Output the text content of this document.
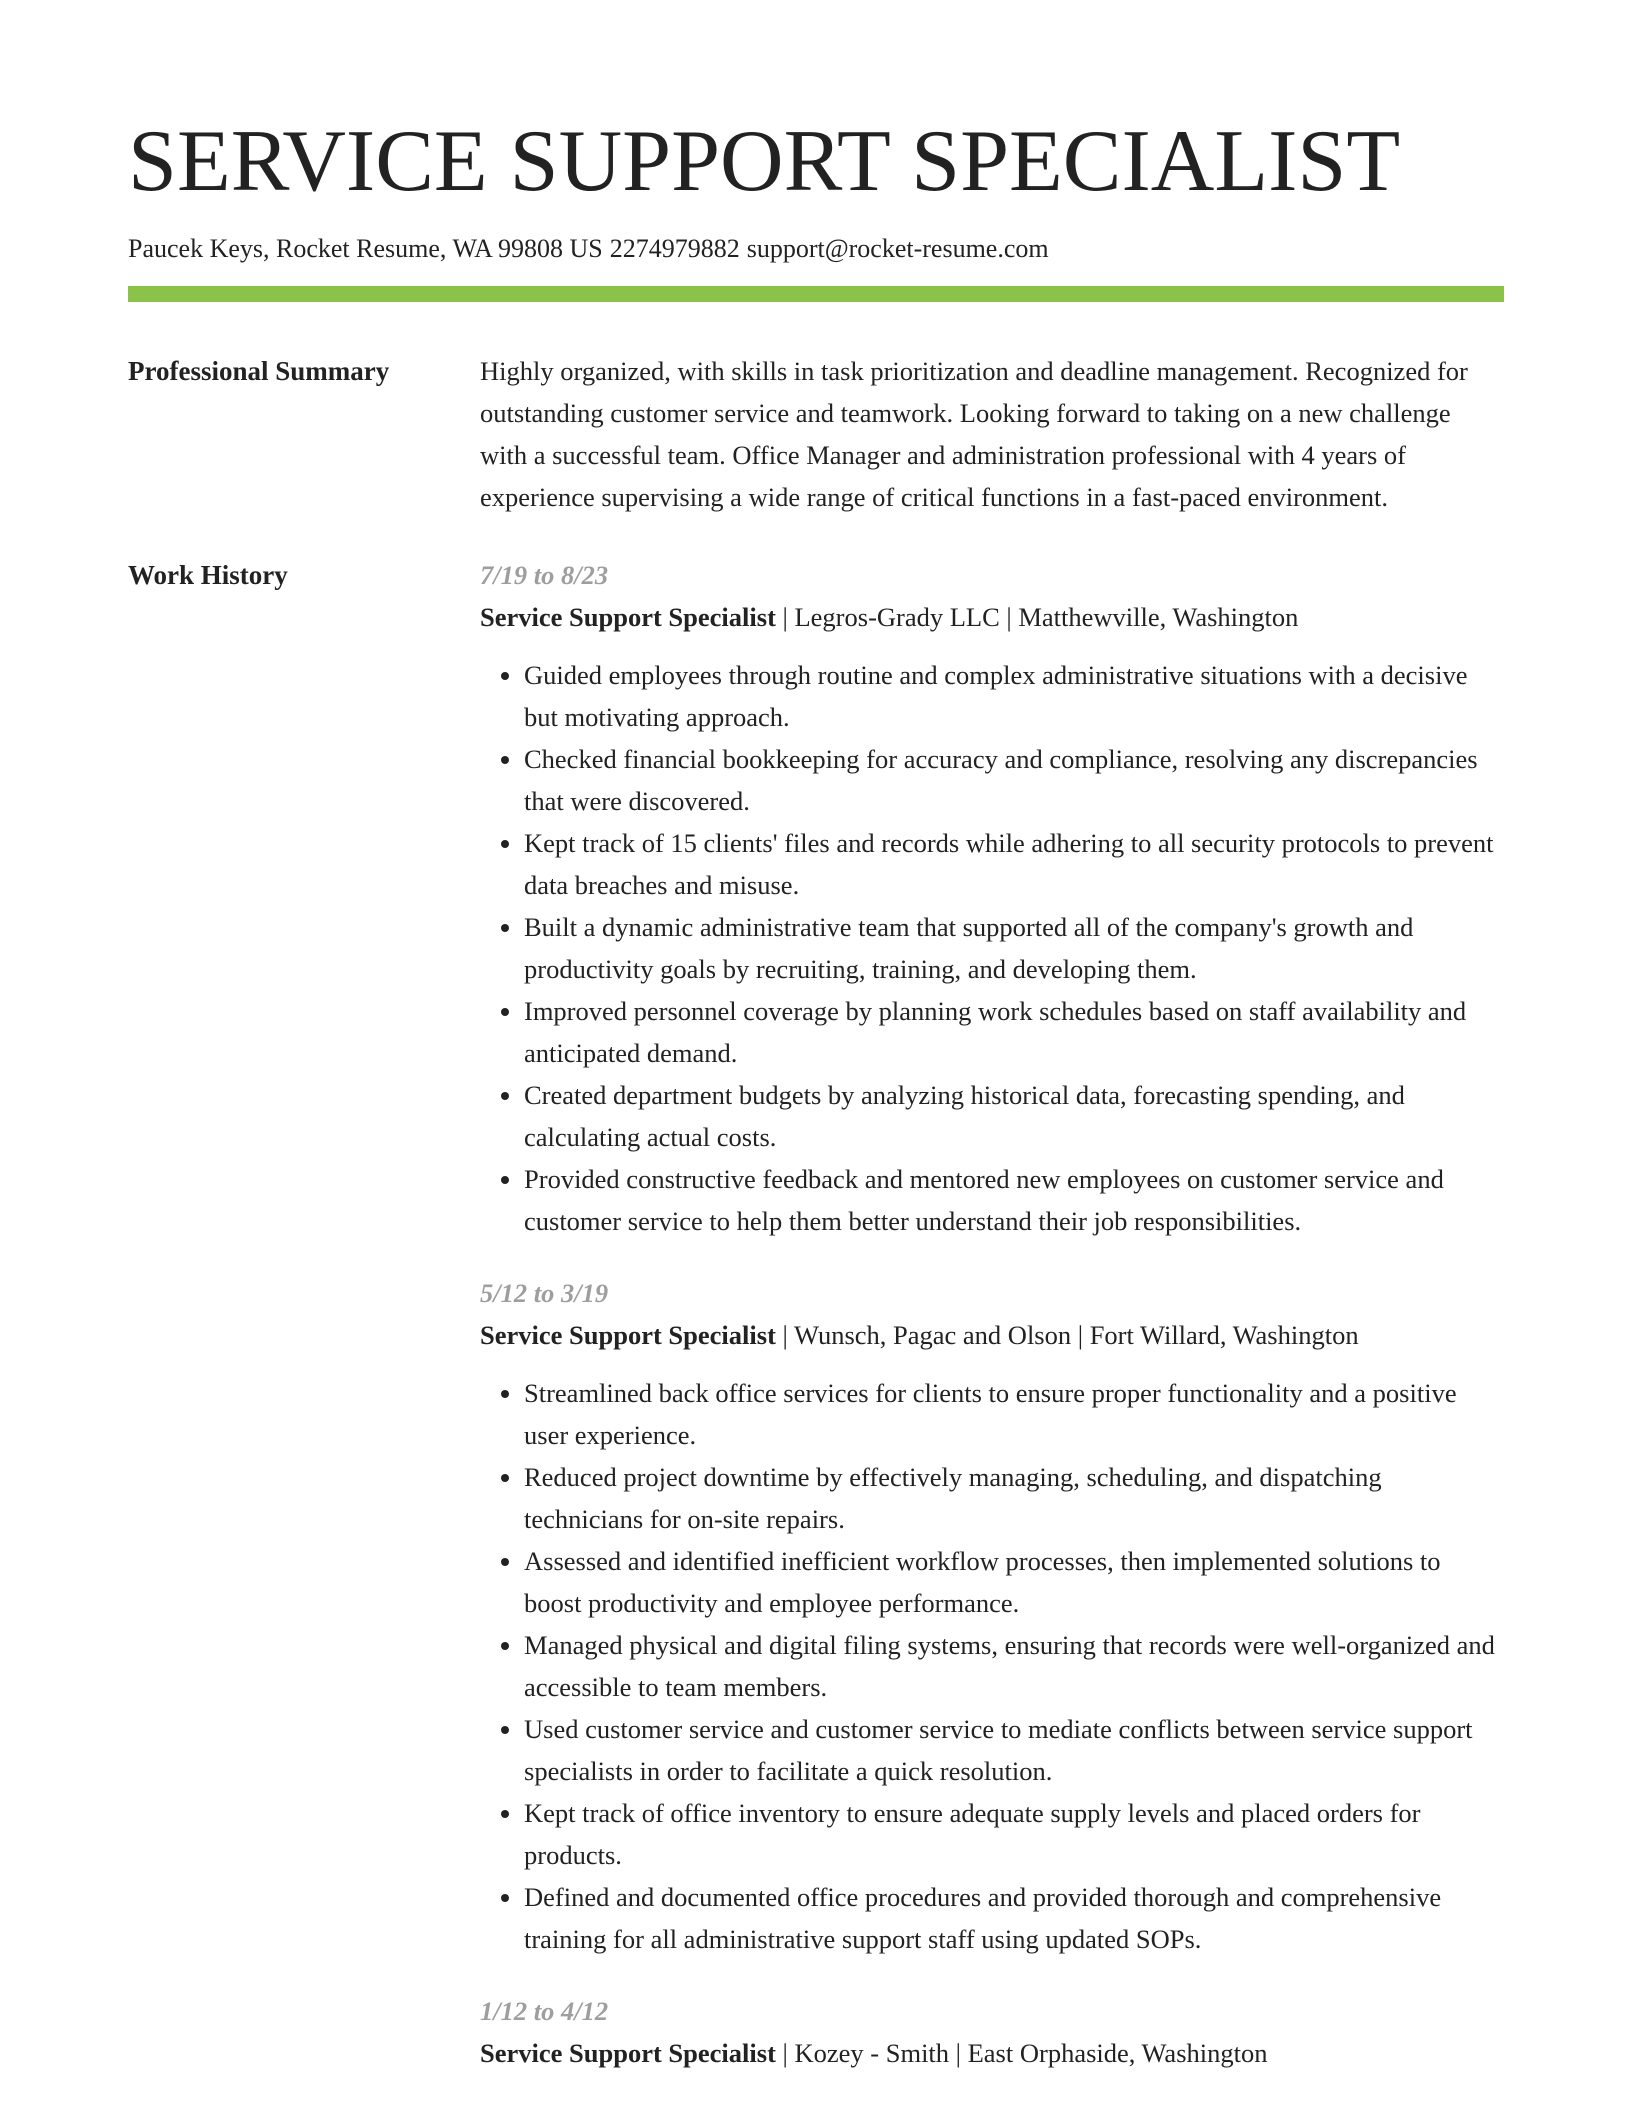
SERVICE SUPPORT SPECIALIST
Paucek Keys, Rocket Resume, WA 99808 US 2274979882 support@rocket-resume.com
Professional Summary	Highly organized, with skills in task prioritization and deadline management. Recognized for outstanding customer service and teamwork. Looking forward to taking on a new challenge with a successful team. Office Manager and administration professional with 4 years of experience supervising a wide range of critical functions in a fast-paced environment.
Work History	7/19 to 8/23
Service Support Specialist | Legros-Grady LLC | Matthewville, Washington
• Guided employees through routine and complex administrative situations with a decisive but motivating approach.
• Checked financial bookkeeping for accuracy and compliance, resolving any discrepancies that were discovered.
• Kept track of 15 clients' files and records while adhering to all security protocols to prevent data breaches and misuse.
• Built a dynamic administrative team that supported all of the company's growth and productivity goals by recruiting, training, and developing them.
• Improved personnel coverage by planning work schedules based on staff availability and anticipated demand.
• Created department budgets by analyzing historical data, forecasting spending, and calculating actual costs.
• Provided constructive feedback and mentored new employees on customer service and customer service to help them better understand their job responsibilities.
5/12 to 3/19
Service Support Specialist | Wunsch, Pagac and Olson | Fort Willard, Washington
• Streamlined back office services for clients to ensure proper functionality and a positive user experience.
• Reduced project downtime by effectively managing, scheduling, and dispatching technicians for on-site repairs.
• Assessed and identified inefficient workflow processes, then implemented solutions to boost productivity and employee performance.
• Managed physical and digital filing systems, ensuring that records were well-organized and accessible to team members.
• Used customer service and customer service to mediate conflicts between service support specialists in order to facilitate a quick resolution.
• Kept track of office inventory to ensure adequate supply levels and placed orders for products.
• Defined and documented office procedures and provided thorough and comprehensive training for all administrative support staff using updated SOPs.
1/12 to 4/12
Service Support Specialist | Kozey - Smith | East Orphaside, Washington
